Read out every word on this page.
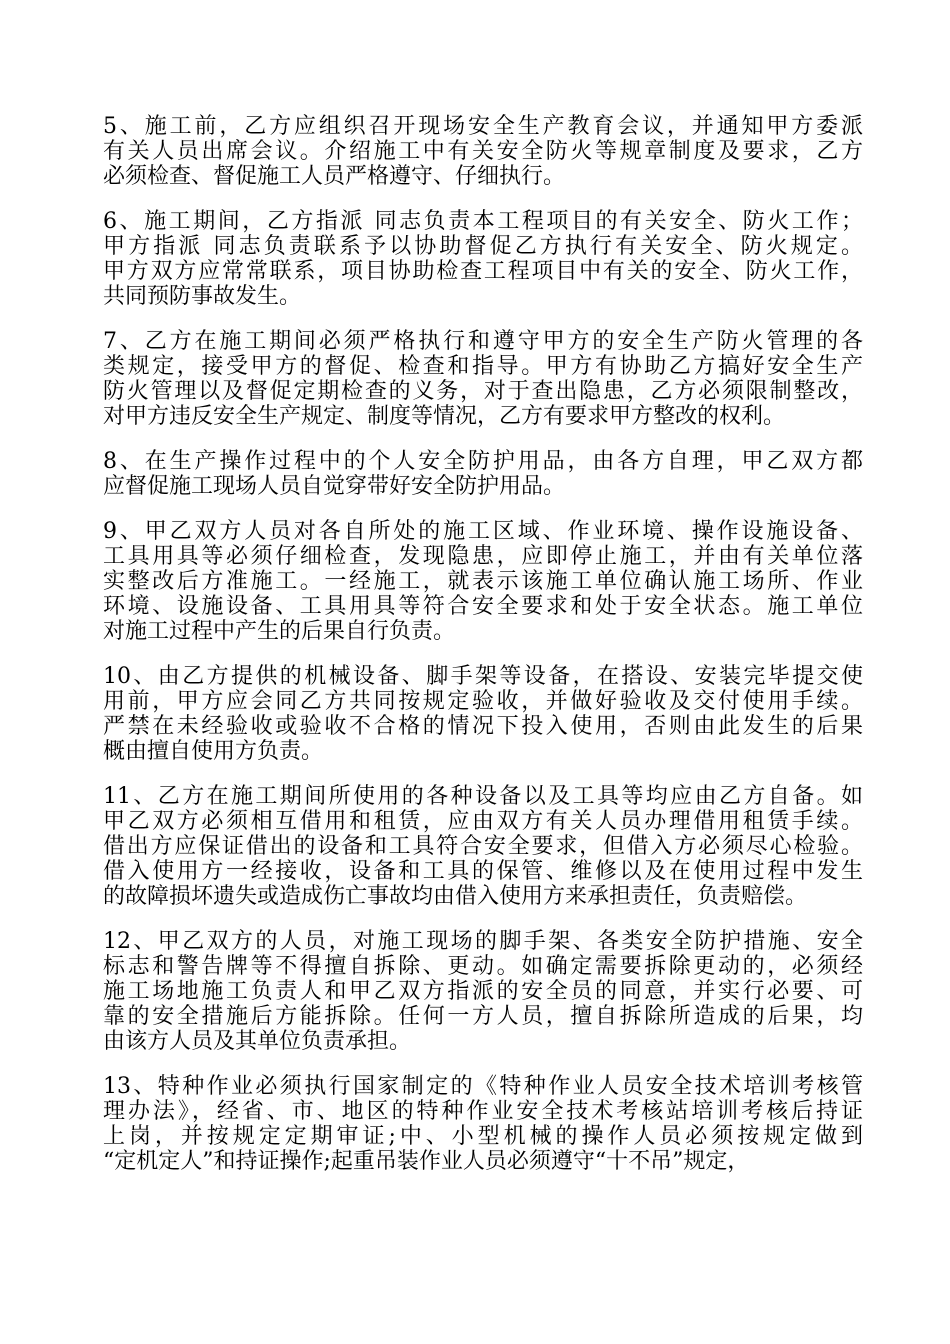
5、施工前，乙方应组织召开现场安全生产教育会议，并通知甲方委派
有关人员出席会议。介绍施工中有关安全防火等规章制度及要求，乙方
必须检查、督促施工人员严格遵守、仔细执行。
6、施工期间，乙方指派 同志负责本工程项目的有关安全、防火工作；
甲方指派 同志负责联系予以协助督促乙方执行有关安全、防火规定。
甲方双方应常常联系，项目协助检查工程项目中有关的安全、防火工作，
共同预防事故发生。
7、乙方在施工期间必须严格执行和遵守甲方的安全生产防火管理的各
类规定，接受甲方的督促、检查和指导。甲方有协助乙方搞好安全生产
防火管理以及督促定期检查的义务，对于查出隐患，乙方必须限制整改，
对甲方违反安全生产规定、制度等情况，乙方有要求甲方整改的权利。
8、在生产操作过程中的个人安全防护用品，由各方自理，甲乙双方都
应督促施工现场人员自觉穿带好安全防护用品。
9、甲乙双方人员对各自所处的施工区域、作业环境、操作设施设备、
工具用具等必须仔细检查，发现隐患，应即停止施工，并由有关单位落
实整改后方准施工。一经施工，就表示该施工单位确认施工场所、作业
环境、设施设备、工具用具等符合安全要求和处于安全状态。施工单位
对施工过程中产生的后果自行负责。
10、由乙方提供的机械设备、脚手架等设备，在搭设、安装完毕提交使
用前，甲方应会同乙方共同按规定验收，并做好验收及交付使用手续。
严禁在未经验收或验收不合格的情况下投入使用，否则由此发生的后果
概由擅自使用方负责。
11、乙方在施工期间所使用的各种设备以及工具等均应由乙方自备。如
甲乙双方必须相互借用和租赁，应由双方有关人员办理借用租赁手续。
借出方应保证借出的设备和工具符合安全要求，但借入方必须尽心检验。
借入使用方一经接收，设备和工具的保管、维修以及在使用过程中发生
的故障损坏遗失或造成伤亡事故均由借入使用方来承担责任，负责赔偿。
12、甲乙双方的人员，对施工现场的脚手架、各类安全防护措施、安全
标志和警告牌等不得擅自拆除、更动。如确定需要拆除更动的，必须经
施工场地施工负责人和甲乙双方指派的安全员的同意，并实行必要、可
靠的安全措施后方能拆除。任何一方人员，擅自拆除所造成的后果，均
由该方人员及其单位负责承担。
13、特种作业必须执行国家制定的《特种作业人员安全技术培训考核管
理办法》，经省、市、地区的特种作业安全技术考核站培训考核后持证
上岗，并按规定定期审证;中、小型机械的操作人员必须按规定做到
“定机定人”和持证操作;起重吊装作业人员必须遵守“十不吊”规定，
